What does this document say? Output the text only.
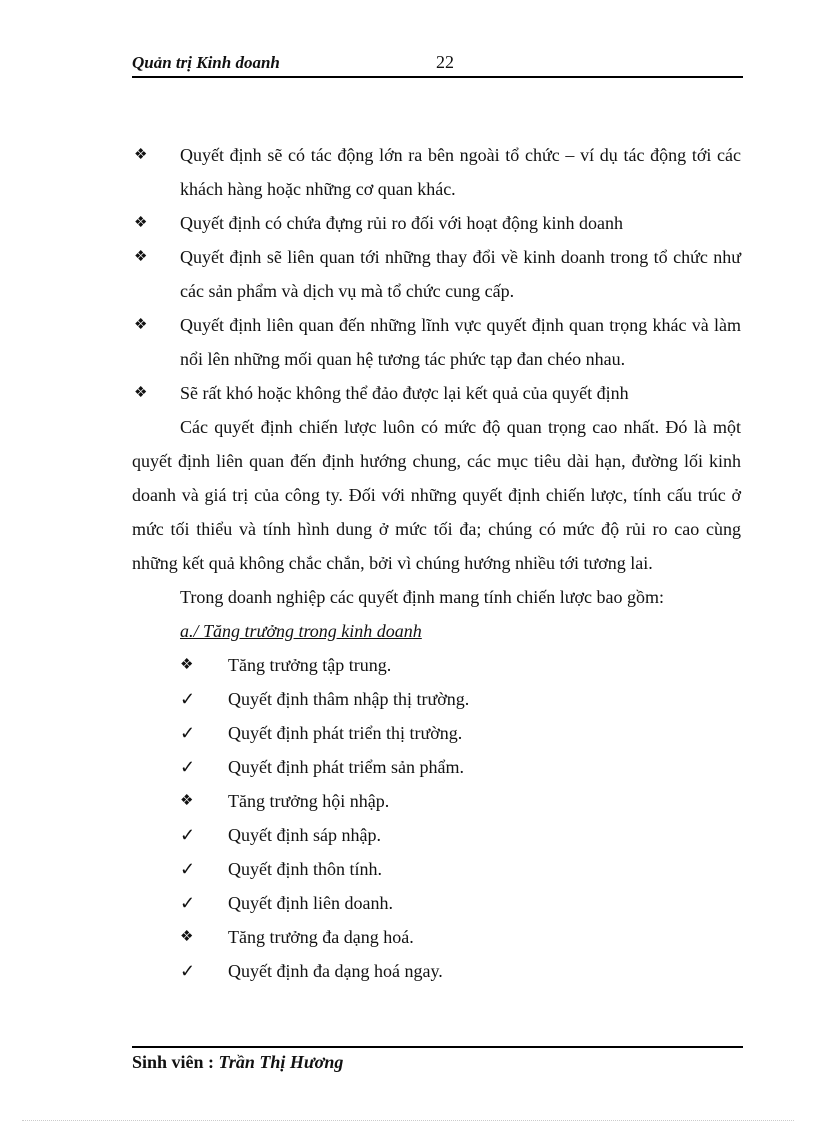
Quản trị Kinh doanh	22

❖ Quyết định sẽ có tác động lớn ra bên ngoài tổ chức – ví dụ tác động tới các khách hàng hoặc những cơ quan khác.

❖ Quyết định có chứa đựng rủi ro đối với hoạt động kinh doanh

❖ Quyết định sẽ liên quan tới những thay đổi về kinh doanh trong tổ chức như các sản phẩm và dịch vụ mà tổ chức cung cấp.

❖ Quyết định liên quan đến những lĩnh vực quyết định quan trọng khác và làm nổi lên những mối quan hệ tương tác phức tạp đan chéo nhau.

❖ Sẽ rất khó hoặc không thể đảo được lại kết quả của quyết định

Các quyết định chiến lược luôn có mức độ quan trọng cao nhất. Đó là một quyết định liên quan đến định hướng chung, các mục tiêu dài hạn, đường lối kinh doanh và giá trị của công ty. Đối với những quyết định chiến lược, tính cấu trúc ở mức tối thiểu và tính hình dung ở mức tối đa; chúng có mức độ rủi ro cao cùng những kết quả không chắc chắn, bởi vì chúng hướng nhiều tới tương lai.

Trong doanh nghiệp các quyết định mang tính chiến lược bao gồm:

a./ Tăng trưởng trong kinh doanh

❖ Tăng trưởng tập trung.

✓ Quyết định thâm nhập thị trường.

✓ Quyết định phát triển thị trường.

✓ Quyết định phát triểm sản phẩm.

❖ Tăng trưởng hội nhập.

✓ Quyết định sáp nhập.

✓ Quyết định thôn tính.

✓ Quyết định liên doanh.

❖ Tăng trưởng đa dạng hoá.

✓ Quyết định đa dạng hoá ngay.

Sinh viên : Trần Thị Hương
